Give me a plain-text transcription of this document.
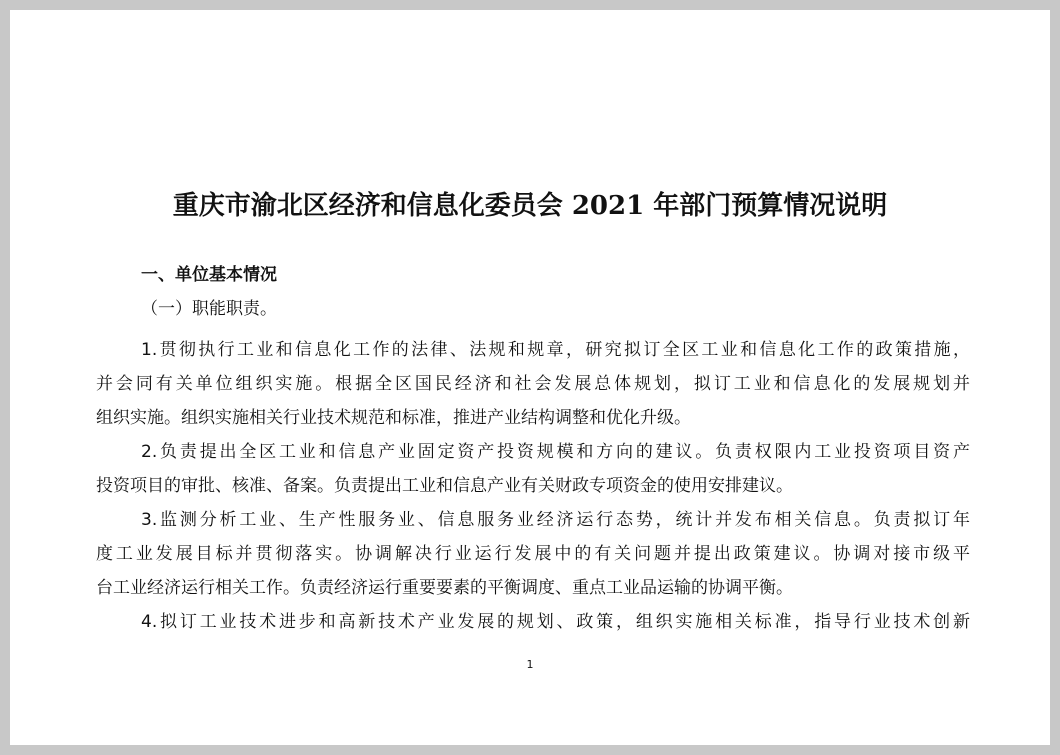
重庆市渝北区经济和信息化委员会 2021 年部门预算情况说明
一、单位基本情况
（一）职能职责。
1.贯彻执行工业和信息化工作的法律、法规和规章，研究拟订全区工业和信息化工作的政策措施，
并会同有关单位组织实施。根据全区国民经济和社会发展总体规划，拟订工业和信息化的发展规划并
组织实施。组织实施相关行业技术规范和标准，推进产业结构调整和优化升级。
2.负责提出全区工业和信息产业固定资产投资规模和方向的建议。负责权限内工业投资项目资产
投资项目的审批、核准、备案。负责提出工业和信息产业有关财政专项资金的使用安排建议。
3.监测分析工业、生产性服务业、信息服务业经济运行态势，统计并发布相关信息。负责拟订年
度工业发展目标并贯彻落实。协调解决行业运行发展中的有关问题并提出政策建议。协调对接市级平
台工业经济运行相关工作。负责经济运行重要要素的平衡调度、重点工业品运输的协调平衡。
4.拟订工业技术进步和高新技术产业发展的规划、政策，组织实施相关标准，指导行业技术创新
1
